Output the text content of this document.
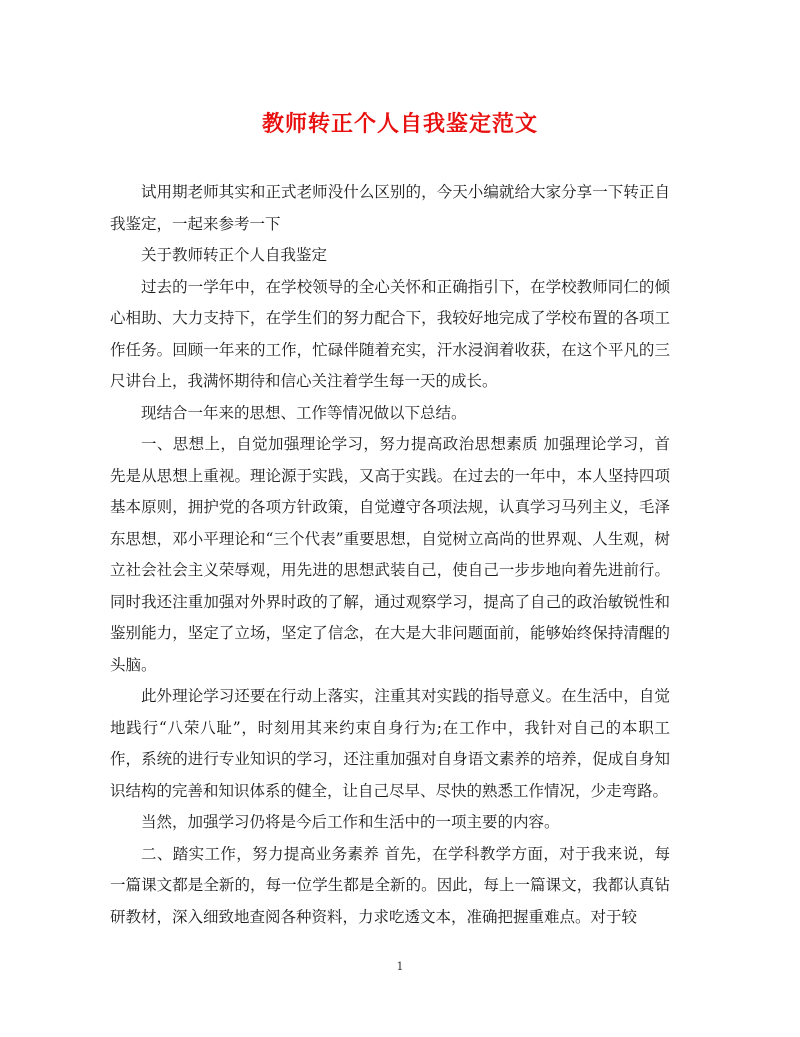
教师转正个人自我鉴定范文

试用期老师其实和正式老师没什么区别的，今天小编就给大家分享一下转正自我鉴定，一起来参考一下

关于教师转正个人自我鉴定

过去的一学年中，在学校领导的全心关怀和正确指引下，在学校教师同仁的倾心相助、大力支持下，在学生们的努力配合下，我较好地完成了学校布置的各项工作任务。回顾一年来的工作，忙碌伴随着充实，汗水浸润着收获，在这个平凡的三尺讲台上，我满怀期待和信心关注着学生每一天的成长。

现结合一年来的思想、工作等情况做以下总结。

一、思想上，自觉加强理论学习，努力提高政治思想素质 加强理论学习，首先是从思想上重视。理论源于实践，又高于实践。在过去的一年中，本人坚持四项基本原则，拥护党的各项方针政策，自觉遵守各项法规，认真学习马列主义，毛泽东思想，邓小平理论和“三个代表”重要思想，自觉树立高尚的世界观、人生观，树立社会社会主义荣辱观，用先进的思想武装自己，使自己一步步地向着先进前行。同时我还注重加强对外界时政的了解，通过观察学习，提高了自己的政治敏锐性和鉴别能力，坚定了立场，坚定了信念，在大是大非问题面前，能够始终保持清醒的头脑。

此外理论学习还要在行动上落实，注重其对实践的指导意义。在生活中，自觉地践行“八荣八耻”，时刻用其来约束自身行为;在工作中，我针对自己的本职工作，系统的进行专业知识的学习，还注重加强对自身语文素养的培养，促成自身知识结构的完善和知识体系的健全，让自己尽早、尽快的熟悉工作情况，少走弯路。

当然，加强学习仍将是今后工作和生活中的一项主要的内容。

二、踏实工作，努力提高业务素养 首先，在学科教学方面，对于我来说，每一篇课文都是全新的，每一位学生都是全新的。因此，每上一篇课文，我都认真钻研教材，深入细致地查阅各种资料，力求吃透文本，准确把握重难点。对于较

1
